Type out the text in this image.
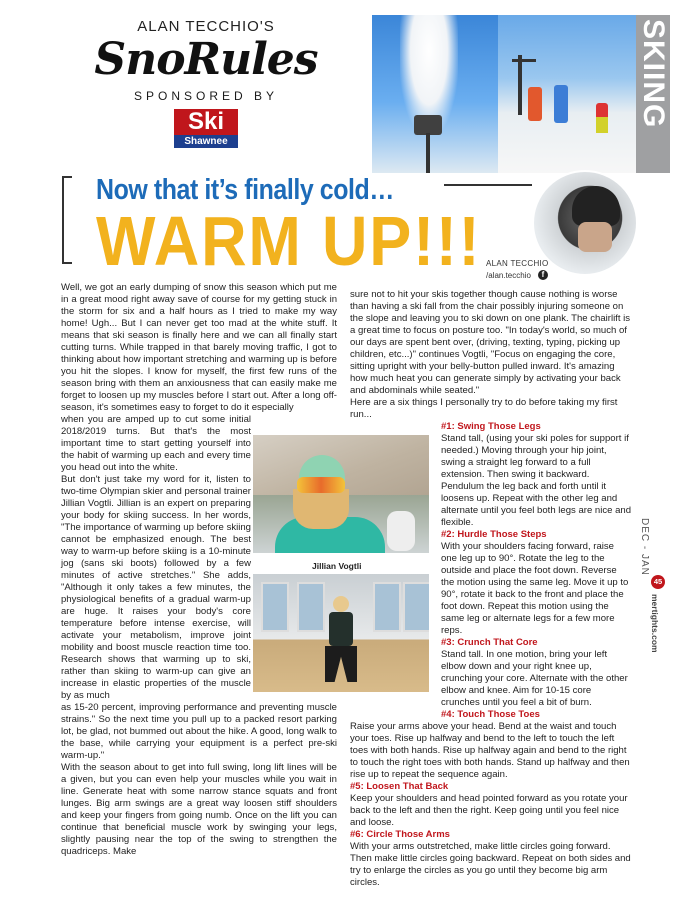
ALAN TECCHIO'S
SnoRules
SPONSORED BY
Ski
Shawnee
SKIING
Now that it’s finally cold…
WARM UP!!! ALAN TECCHIO
/alan.tecchio	f

Well, we got an early dumping of snow this season which put me in a great mood right away save of course for my getting stuck in the storm for six and a half hours as I tried to make my way home! Ugh... But I can never get too mad at the white stuff. It means that ski season is finally here and we can all finally start cutting turns. While trapped in that barely moving traffic, I got to thinking about how important stretching and warming up is before you hit the slopes. I know for myself, the first few runs of the season bring with them an anxiousness that can easily make me forget to loosen up my muscles before I start out. After a long off-season, it's sometimes easy to forget to do it especially

when you are amped up to cut some initial 2018/2019 turns. But that's the most important time to start getting yourself into the habit of warming up each and every time you head out into the white.

But don't just take my word for it, listen to two-time Olympian skier and personal trainer Jillian Vogtli. Jillian is an expert on preparing your body for skiing success. In her words, "The importance of warming up before skiing cannot be emphasized enough. The best way to warm-up before skiing is a 10-minute jog (sans ski boots) followed by a few minutes of active stretches." She adds, "Although it only takes a few minutes, the physiological benefits of a gradual warm-up are huge. It raises your body's core temperature before intense exercise, will activate your metabolism, improve joint mobility and boost muscle reaction time too. Research shows that warming up to ski, rather than skiing to warm-up can give an increase in elastic properties of the muscle by as much

as 15-20 percent, improving performance and preventing muscle strains." So the next time you pull up to a packed resort parking lot, be glad, not bummed out about the hike. A good, long walk to the base, while carrying your equipment is a perfect pre-ski warm-up."

With the season about to get into full swing, long lift lines will be a given, but you can even help your muscles while you wait in line. Generate heat with some narrow stance squats and front lunges. Big arm swings are a great way loosen stiff shoulders and keep your fingers from going numb. Once on the lift you can continue that beneficial muscle work by swinging your legs, slightly pausing near the top of the swing to strengthen the quadriceps. Make

Jillian Vogtli

sure not to hit your skis together though cause nothing is worse than having a ski fall from the chair possibly injuring someone on the slope and leaving you to ski down on one plank. The chairlift is a great time to focus on posture too. "In today's world, so much of our days are spent bent over, (driving, texting, typing, picking up children, etc...)" continues Vogtli, "Focus on engaging the core, sitting upright with your belly-button pulled inward. It's amazing how much heat you can generate simply by activating your back and abdominals while seated."

Here are a six things I personally try to do before taking my first run...

#1: Swing Those Legs

Stand tall, (using your ski poles for support if needed.) Moving through your hip joint, swing a straight leg forward to a full extension. Then swing it backward. Pendulum the leg back and forth until it loosens up. Repeat with the other leg and alternate until you feel both legs are nice and flexible.

#2: Hurdle Those Steps

With your shoulders facing forward, raise one leg up to 90°. Rotate the leg to the outside and place the foot down. Reverse the motion using the same leg. Move it up to 90°, rotate it back to the front and place the foot down. Repeat this motion using the same leg or alternate legs for a few more reps.

#3: Crunch That Core

Stand tall. In one motion, bring your left elbow down and your right knee up, crunching your core. Alternate with the other elbow and knee. Aim for 10-15 core crunches until you feel a bit of burn.

#4: Touch Those Toes

Raise your arms above your head. Bend at the waist and touch your toes. Rise up halfway and bend to the left to touch the left toes with both hands. Rise up halfway again and bend to the right to touch the right toes with both hands. Stand up halfway and then rise up to repeat the sequence again.

#5: Loosen That Back

Keep your shoulders and head pointed forward as you rotate your back to the left and then the right. Keep going until you feel nice and loose.

#6: Circle Those Arms

With your arms outstretched, make little circles going forward. Then make little circles going backward. Repeat on both sides and try to enlarge the circles as you go until they become big arm circles.

DEC - JAN
45
mertights.com
